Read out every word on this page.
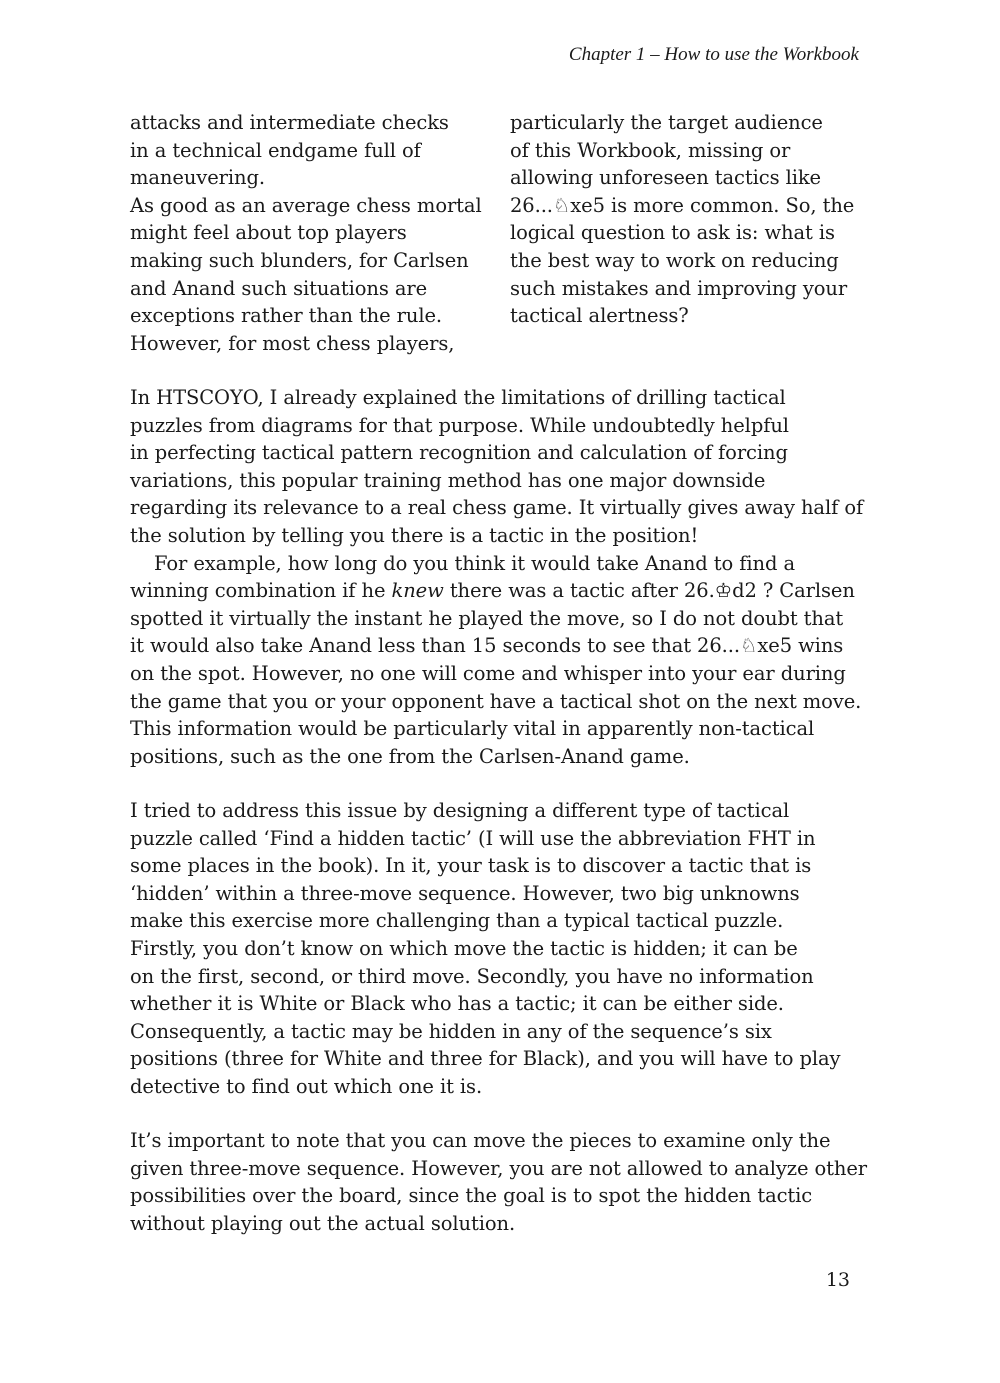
Chapter 1 – How to use the Workbook
attacks and intermediate checks
in a technical endgame full of
maneuvering.
As good as an average chess mortal
might feel about top players
making such blunders, for Carlsen
and Anand such situations are
exceptions rather than the rule.
However, for most chess players,
particularly the target audience
of this Workbook, missing or
allowing unforeseen tactics like
26...♘xe5 is more common. So, the
logical question to ask is: what is
the best way to work on reducing
such mistakes and improving your
tactical alertness?
In HTSCOYO, I already explained the limitations of drilling tactical
puzzles from diagrams for that purpose. While undoubtedly helpful
in perfecting tactical pattern recognition and calculation of forcing
variations, this popular training method has one major downside
regarding its relevance to a real chess game. It virtually gives away half of
the solution by telling you there is a tactic in the position!
For example, how long do you think it would take Anand to find a
winning combination if he knew there was a tactic after 26.♔d2 ? Carlsen
spotted it virtually the instant he played the move, so I do not doubt that
it would also take Anand less than 15 seconds to see that 26...♘xe5 wins
on the spot. However, no one will come and whisper into your ear during
the game that you or your opponent have a tactical shot on the next move.
This information would be particularly vital in apparently non-tactical
positions, such as the one from the Carlsen-Anand game.
I tried to address this issue by designing a different type of tactical
puzzle called ‘Find a hidden tactic’ (I will use the abbreviation FHT in
some places in the book). In it, your task is to discover a tactic that is
‘hidden’ within a three-move sequence. However, two big unknowns
make this exercise more challenging than a typical tactical puzzle.
Firstly, you don’t know on which move the tactic is hidden; it can be
on the first, second, or third move. Secondly, you have no information
whether it is White or Black who has a tactic; it can be either side.
Consequently, a tactic may be hidden in any of the sequence’s six
positions (three for White and three for Black), and you will have to play
detective to find out which one it is.
It’s important to note that you can move the pieces to examine only the
given three-move sequence. However, you are not allowed to analyze other
possibilities over the board, since the goal is to spot the hidden tactic
without playing out the actual solution.
13
